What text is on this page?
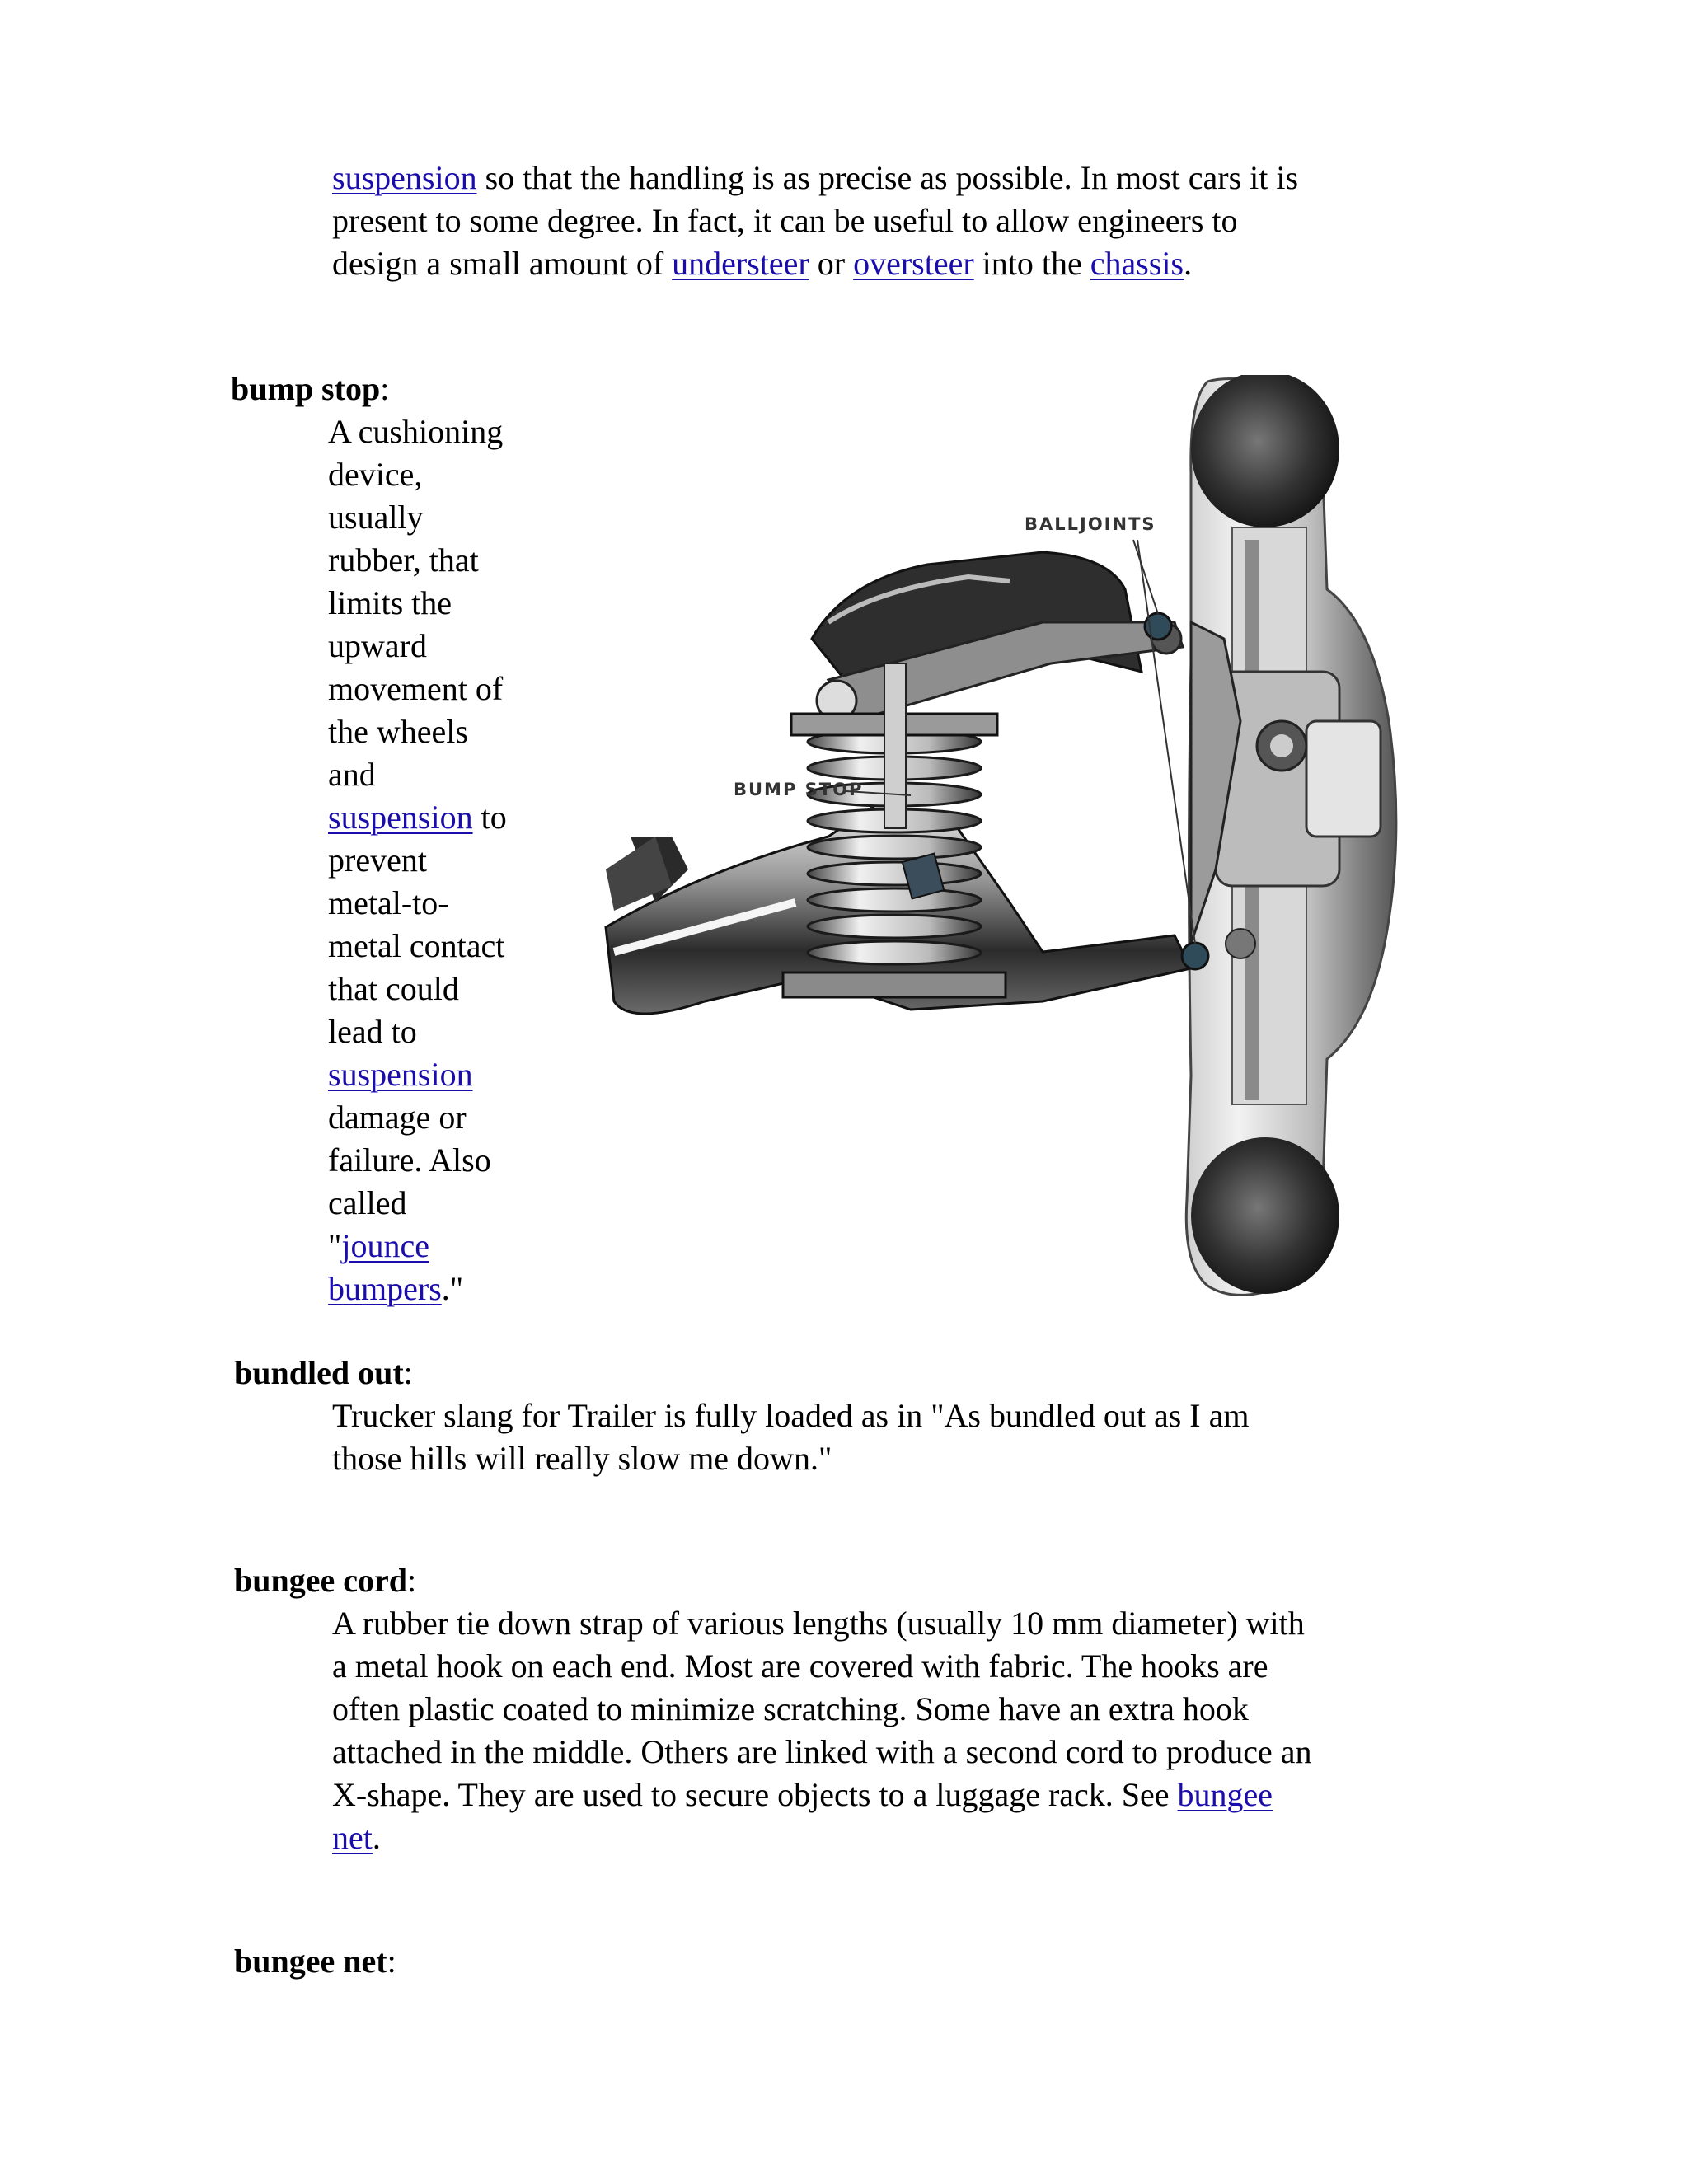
suspension so that the handling is as precise as possible. In most cars it is
present to some degree. In fact, it can be useful to allow engineers to
design a small amount of understeer or oversteer into the chassis.
bump stop:
A cushioning
device,
usually
rubber, that
limits the
upward
movement of
the wheels
and
suspension to
prevent
metal-to-
metal contact
that could
lead to
suspension
damage or
failure. Also
called
"jounce
bumpers."
BALLJOINTS
BUMP STOP
bundled out:
Trucker slang for Trailer is fully loaded as in "As bundled out as I am
those hills will really slow me down."
bungee cord:
A rubber tie down strap of various lengths (usually 10 mm diameter) with
a metal hook on each end. Most are covered with fabric. The hooks are
often plastic coated to minimize scratching. Some have an extra hook
attached in the middle. Others are linked with a second cord to produce an
X-shape. They are used to secure objects to a luggage rack. See bungee
net.
bungee net:
